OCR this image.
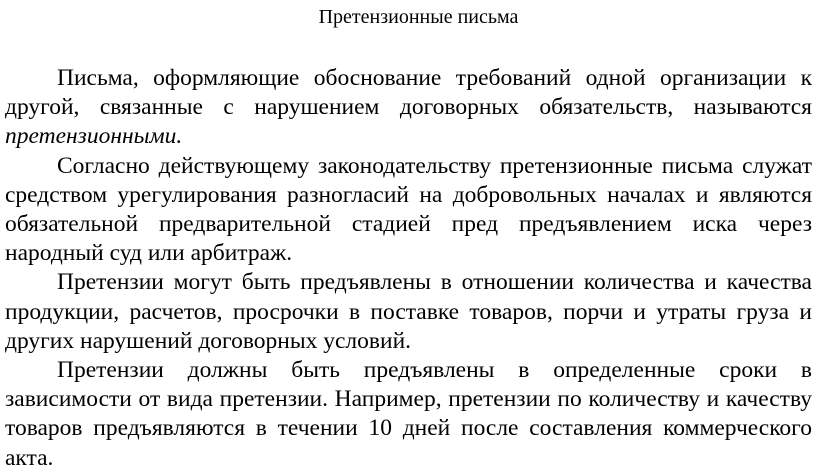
Претензионные письма

Письма, оформляющие обоснование требований одной организации к другой, связанные с нарушением договорных обязательств, называются претензионными.

Согласно действующему законодательству претензионные письма служат средством урегулирования разногласий на добровольных началах и являются обязательной предварительной стадией пред предъявлением иска через народный суд или арбитраж.

Претензии могут быть предъявлены в отношении количества и качества продукции, расчетов, просрочки в поставке товаров, порчи и утраты груза и других нарушений договорных условий.

Претензии должны быть предъявлены в определенные сроки в зависимости от вида претензии. Например, претензии по количеству и качеству товаров предъявляются в течении 10 дней после составления коммерческого акта.
